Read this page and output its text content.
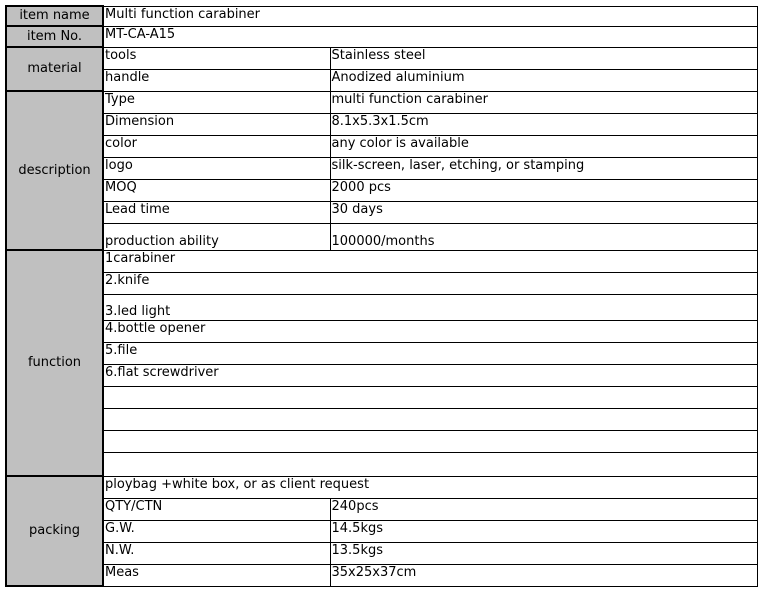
item name	Multi function carabiner	
item No.	MT-CA-A15	
material	tools	Stainless steel
	handle	Anodized aluminium
description	Type	multi function carabiner
	Dimension	8.1x5.3x1.5cm
	color	any color is available
	logo	silk-screen, laser, etching, or stamping
	MOQ	2000 pcs
	Lead time	30 days
	production ability	100000/months
function	1carabiner	
	2.knife	
	3.led light	
	4.bottle opener	
	5.file	
	6.flat screwdriver	

packing	ploybag +white box, or as client request	
	QTY/CTN	240pcs
	G.W.	14.5kgs
	N.W.	13.5kgs
	Meas	35x25x37cm
